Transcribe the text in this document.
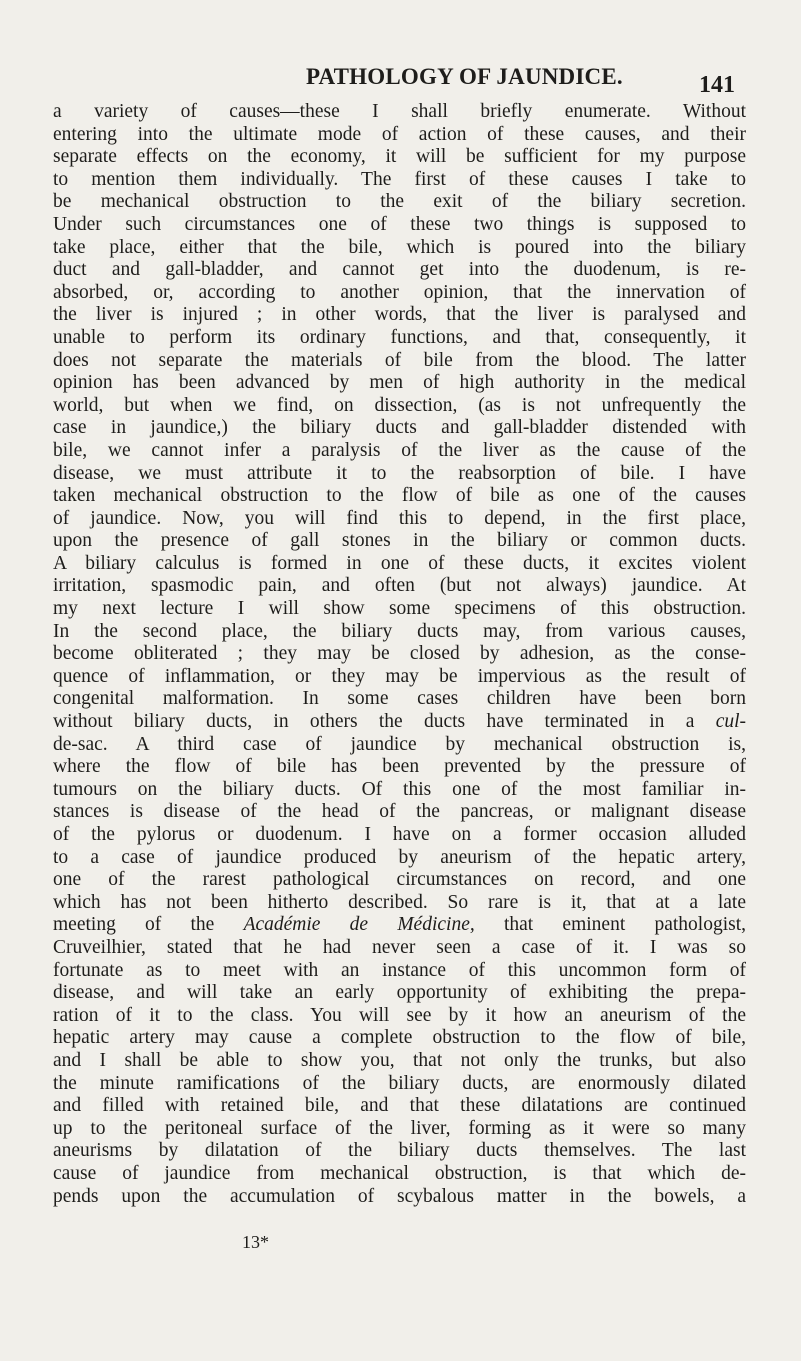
PATHOLOGY OF JAUNDICE.	141
a variety of causes—these I shall briefly enumerate. Without
entering into the ultimate mode of action of these causes, and their
separate effects on the economy, it will be sufficient for my purpose
to mention them individually. The first of these causes I take to
be mechanical obstruction to the exit of the biliary secretion.
Under such circumstances one of these two things is supposed to
take place, either that the bile, which is poured into the biliary
duct and gall-bladder, and cannot get into the duodenum, is re-
absorbed, or, according to another opinion, that the innervation of
the liver is injured ; in other words, that the liver is paralysed and
unable to perform its ordinary functions, and that, consequently, it
does not separate the materials of bile from the blood. The latter
opinion has been advanced by men of high authority in the medical
world, but when we find, on dissection, (as is not unfrequently the
case in jaundice,) the biliary ducts and gall-bladder distended with
bile, we cannot infer a paralysis of the liver as the cause of the
disease, we must attribute it to the reabsorption of bile. I have
taken mechanical obstruction to the flow of bile as one of the causes
of jaundice. Now, you will find this to depend, in the first place,
upon the presence of gall stones in the biliary or common ducts.
A biliary calculus is formed in one of these ducts, it excites violent
irritation, spasmodic pain, and often (but not always) jaundice. At
my next lecture I will show some specimens of this obstruction.
In the second place, the biliary ducts may, from various causes,
become obliterated ; they may be closed by adhesion, as the conse-
quence of inflammation, or they may be impervious as the result of
congenital malformation. In some cases children have been born
without biliary ducts, in others the ducts have terminated in a cul-
de-sac. A third case of jaundice by mechanical obstruction is,
where the flow of bile has been prevented by the pressure of
tumours on the biliary ducts. Of this one of the most familiar in-
stances is disease of the head of the pancreas, or malignant disease
of the pylorus or duodenum. I have on a former occasion alluded
to a case of jaundice produced by aneurism of the hepatic artery,
one of the rarest pathological circumstances on record, and one
which has not been hitherto described. So rare is it, that at a late
meeting of the Académie de Médicine, that eminent pathologist,
Cruveilhier, stated that he had never seen a case of it. I was so
fortunate as to meet with an instance of this uncommon form of
disease, and will take an early opportunity of exhibiting the prepa-
ration of it to the class. You will see by it how an aneurism of the
hepatic artery may cause a complete obstruction to the flow of bile,
and I shall be able to show you, that not only the trunks, but also
the minute ramifications of the biliary ducts, are enormously dilated
and filled with retained bile, and that these dilatations are continued
up to the peritoneal surface of the liver, forming as it were so many
aneurisms by dilatation of the biliary ducts themselves. The last
cause of jaundice from mechanical obstruction, is that which de-
pends upon the accumulation of scybalous matter in the bowels, a
13*
